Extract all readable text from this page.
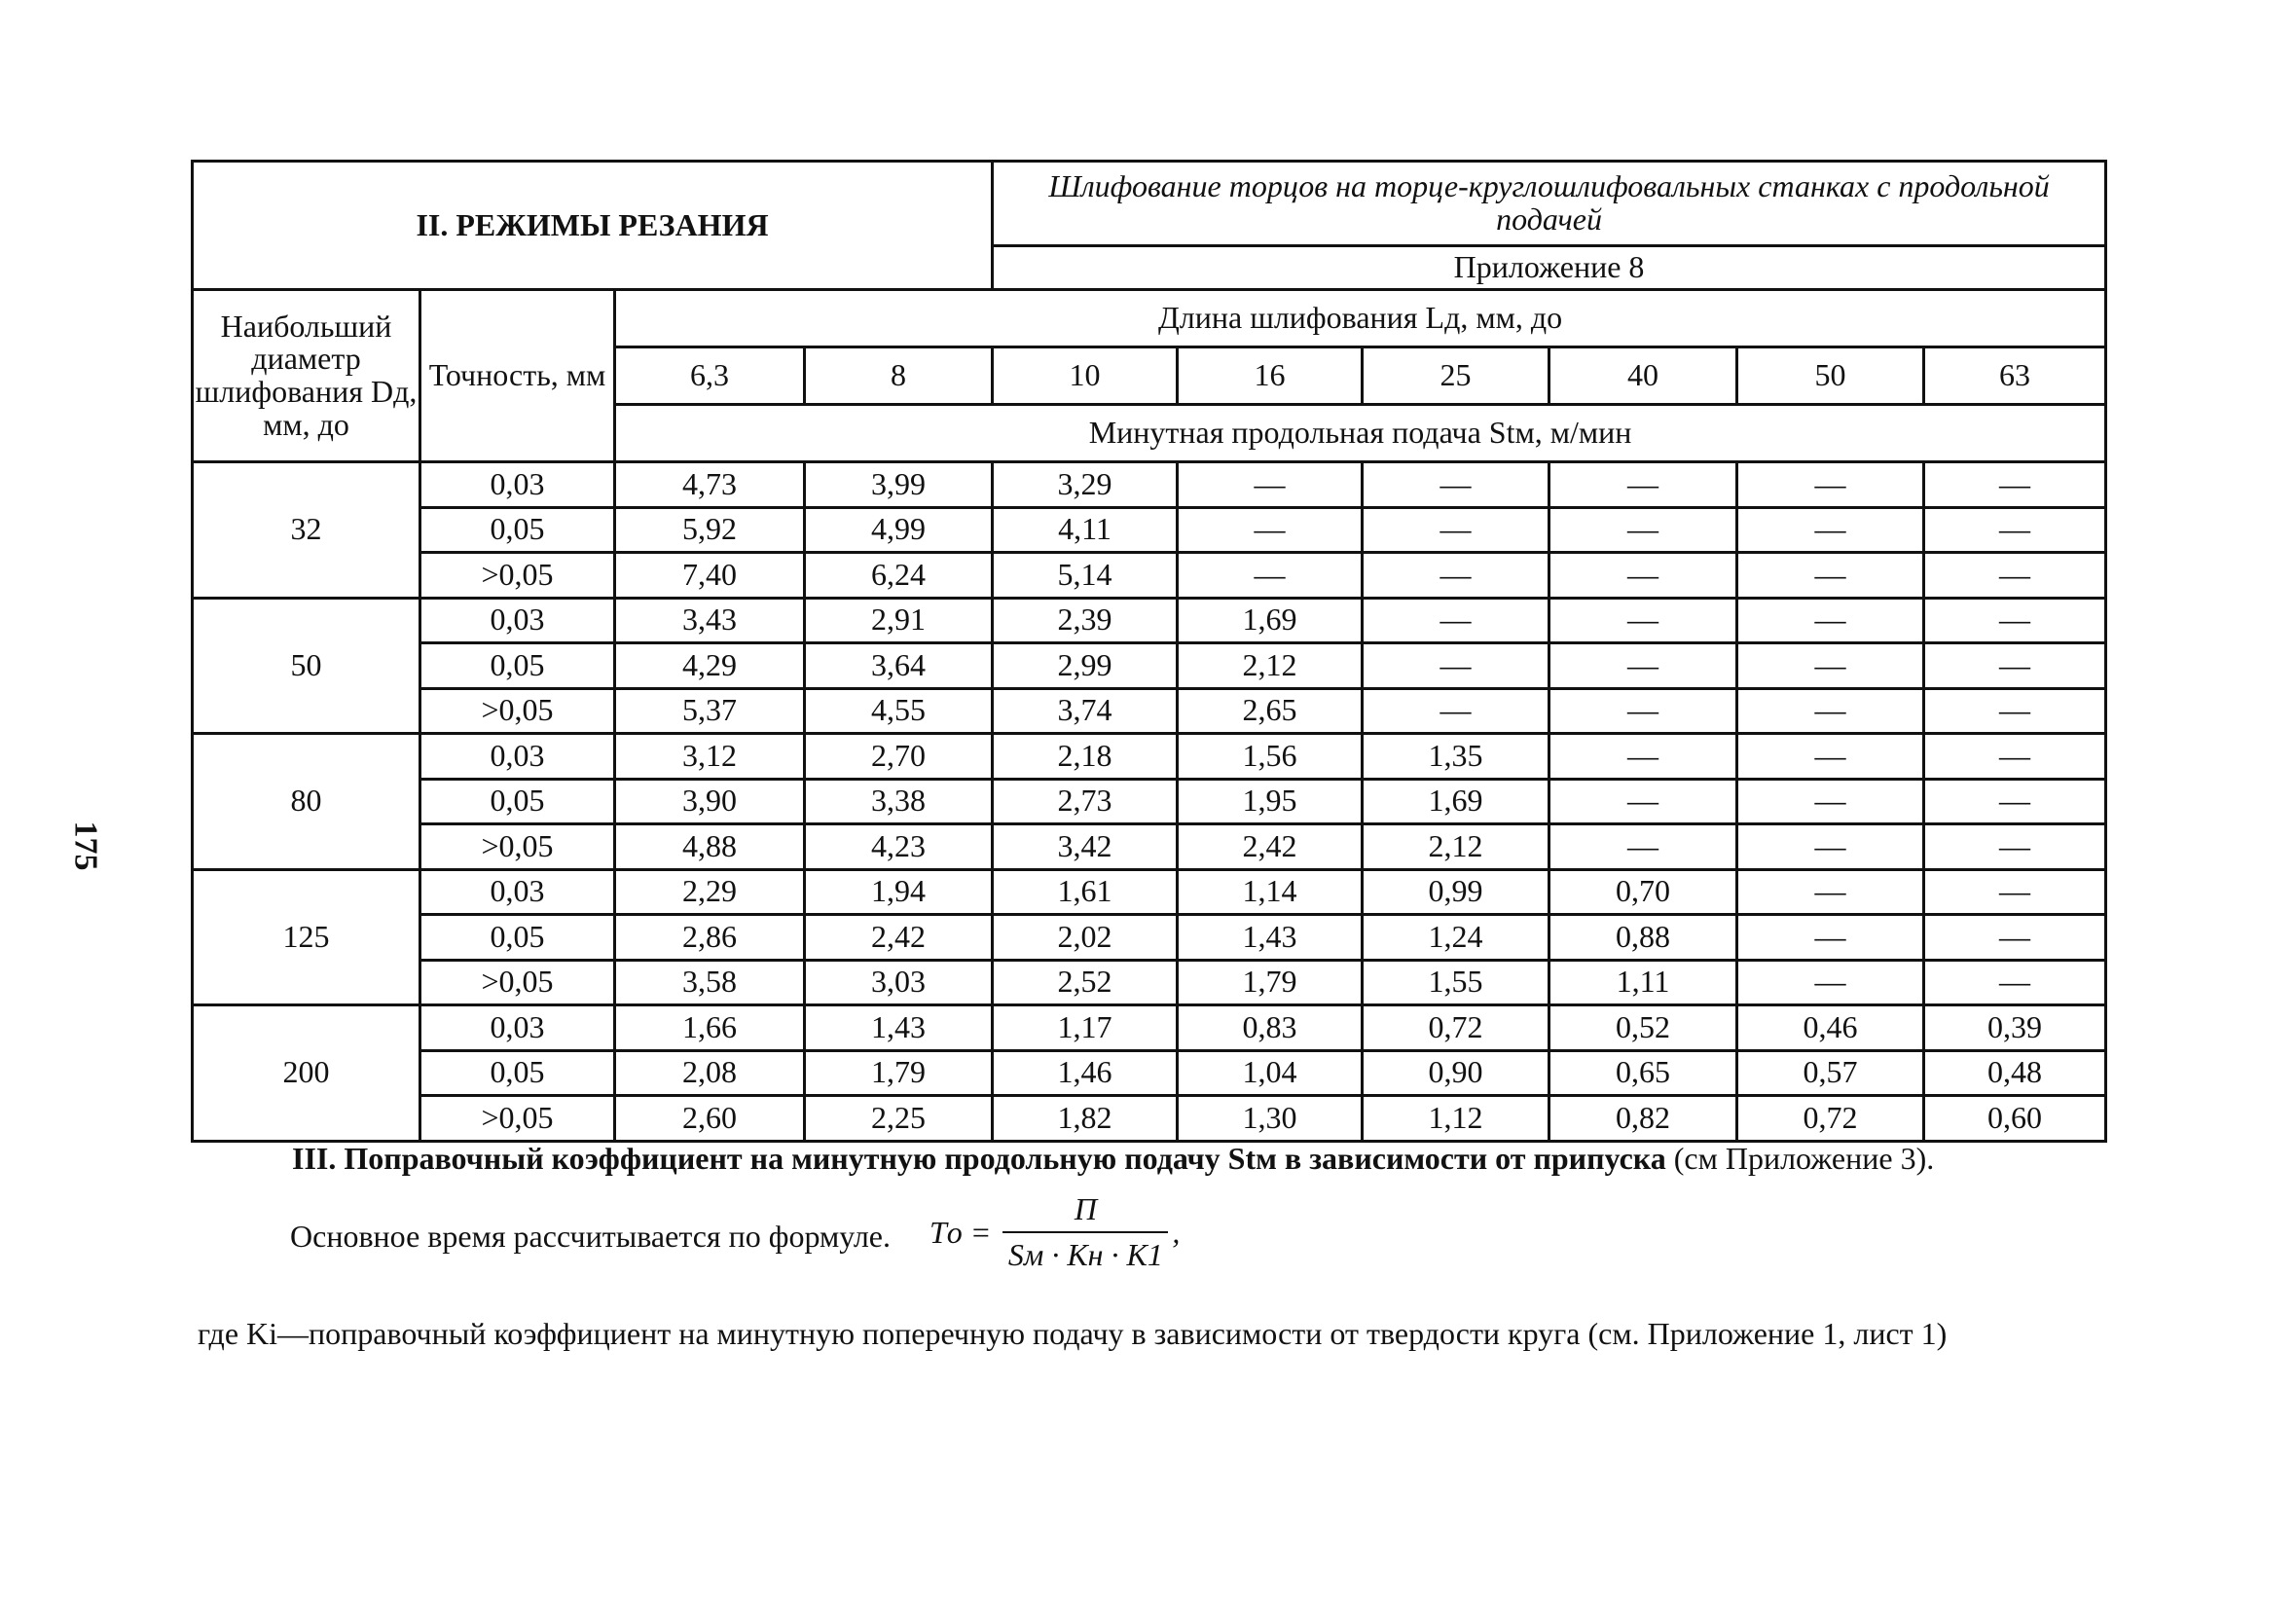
175
II. РЕЖИМЫ РЕЗАНИЯ				Шлифование торцов на торце-круглошлифовальных станках с продольной подачей					
				Приложение 8					
Наибольший диаметр шлифования Dд, мм, до	Точность, мм	Длина шлифования Lд, мм, до							
		6,3	8	10	16	25	40	50	63
		Минутная продольная подача Stм, м/мин							
32	0,03	4,73	3,99	3,29	—	—	—	—	—
	0,05	5,92	4,99	4,11	—	—	—	—	—
	>0,05	7,40	6,24	5,14	—	—	—	—	—
50	0,03	3,43	2,91	2,39	1,69	—	—	—	—
	0,05	4,29	3,64	2,99	2,12	—	—	—	—
	>0,05	5,37	4,55	3,74	2,65	—	—	—	—
80	0,03	3,12	2,70	2,18	1,56	1,35	—	—	—
	0,05	3,90	3,38	2,73	1,95	1,69	—	—	—
	>0,05	4,88	4,23	3,42	2,42	2,12	—	—	—
125	0,03	2,29	1,94	1,61	1,14	0,99	0,70	—	—
	0,05	2,86	2,42	2,02	1,43	1,24	0,88	—	—
	>0,05	3,58	3,03	2,52	1,79	1,55	1,11	—	—
200	0,03	1,66	1,43	1,17	0,83	0,72	0,52	0,46	0,39
	0,05	2,08	1,79	1,46	1,04	0,90	0,65	0,57	0,48
	>0,05	2,60	2,25	1,82	1,30	1,12	0,82	0,72	0,60
III. Поправочный коэффициент на минутную продольную подачу Stм в зависимости от припуска (см Приложение 3).
Основное время рассчитывается по формуле. Tо = $\frac{П}{Sм \cdot Kн \cdot K1}$ ,
где Ki—поправочный коэффициент на минутную поперечную подачу в зависимости от твердости круга (см. Приложение 1, лист 1)
